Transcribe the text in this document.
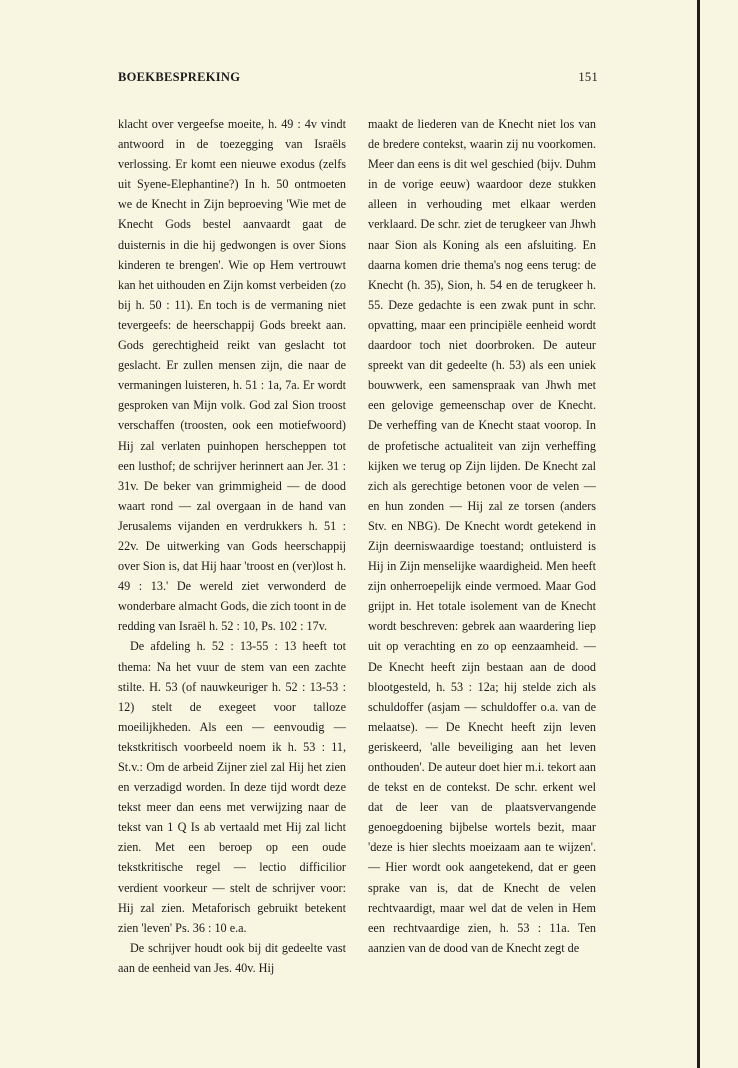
BOEKBESPREKING	151

klacht over vergeefse moeite, h. 49 : 4v vindt antwoord in de toezegging van Israëls verlossing. Er komt een nieuwe exodus (zelfs uit Syene-Elephantine?) In h. 50 ontmoeten we de Knecht in Zijn beproeving 'Wie met de Knecht Gods bestel aanvaardt gaat de duisternis in die hij gedwongen is over Sions kinderen te brengen'. Wie op Hem vertrouwt kan het uithouden en Zijn komst verbeiden (zo bij h. 50 : 11). En toch is de vermaning niet tevergeefs: de heerschappij Gods breekt aan. Gods gerechtigheid reikt van geslacht tot geslacht. Er zullen mensen zijn, die naar de vermaningen luisteren, h. 51 : 1a, 7a. Er wordt gesproken van Mijn volk. God zal Sion troost verschaffen (troosten, ook een motiefwoord) Hij zal verlaten puinhopen herscheppen tot een lusthof; de schrijver herinnert aan Jer. 31 : 31v. De beker van grimmigheid — de dood waart rond — zal overgaan in de hand van Jerusalems vijanden en verdrukkers h. 51 : 22v. De uitwerking van Gods heerschappij over Sion is, dat Hij haar 'troost en (ver)lost h. 49 : 13.' De wereld ziet verwonderd de wonderbare almacht Gods, die zich toont in de redding van Israël h. 52 : 10, Ps. 102 : 17v.

De afdeling h. 52 : 13-55 : 13 heeft tot thema: Na het vuur de stem van een zachte stilte. H. 53 (of nauwkeuriger h. 52 : 13-53 : 12) stelt de exegeet voor talloze moeilijkheden. Als een — eenvoudig — tekstkritisch voorbeeld noem ik h. 53 : 11, St.v.: Om de arbeid Zijner ziel zal Hij het zien en verzadigd worden. In deze tijd wordt deze tekst meer dan eens met verwijzing naar de tekst van 1 Q Is ab vertaald met Hij zal licht zien. Met een beroep op een oude tekstkritische regel — lectio difficilior verdient voorkeur — stelt de schrijver voor: Hij zal zien. Metaforisch gebruikt betekent zien 'leven' Ps. 36 : 10 e.a.

De schrijver houdt ook bij dit gedeelte vast aan de eenheid van Jes. 40v. Hij

maakt de liederen van de Knecht niet los van de bredere contekst, waarin zij nu voorkomen. Meer dan eens is dit wel geschied (bijv. Duhm in de vorige eeuw) waardoor deze stukken alleen in verhouding met elkaar werden verklaard. De schr. ziet de terugkeer van Jhwh naar Sion als Koning als een afsluiting. En daarna komen drie thema's nog eens terug: de Knecht (h. 35), Sion, h. 54 en de terugkeer h. 55. Deze gedachte is een zwak punt in schr. opvatting, maar een principiële eenheid wordt daardoor toch niet doorbroken. De auteur spreekt van dit gedeelte (h. 53) als een uniek bouwwerk, een samenspraak van Jhwh met een gelovige gemeenschap over de Knecht. De verheffing van de Knecht staat voorop. In de profetische actualiteit van zijn verheffing kijken we terug op Zijn lijden. De Knecht zal zich als gerechtige betonen voor de velen — en hun zonden — Hij zal ze torsen (anders Stv. en NBG). De Knecht wordt getekend in Zijn deerniswaardige toestand; ontluisterd is Hij in Zijn menselijke waardigheid. Men heeft zijn onherroepelijk einde vermoed. Maar God grijpt in. Het totale isolement van de Knecht wordt beschreven: gebrek aan waardering liep uit op verachting en zo op eenzaamheid. — De Knecht heeft zijn bestaan aan de dood blootgesteld, h. 53 : 12a; hij stelde zich als schuldoffer (asjam — schuldoffer o.a. van de melaatse). — De Knecht heeft zijn leven geriskeerd, 'alle beveiliging aan het leven onthouden'. De auteur doet hier m.i. tekort aan de tekst en de contekst. De schr. erkent wel dat de leer van de plaatsvervangende genoegdoening bijbelse wortels bezit, maar 'deze is hier slechts moeizaam aan te wijzen'. — Hier wordt ook aangetekend, dat er geen sprake van is, dat de Knecht de velen rechtvaardigt, maar wel dat de velen in Hem een rechtvaardige zien, h. 53 : 11a. Ten aanzien van de dood van de Knecht zegt de
